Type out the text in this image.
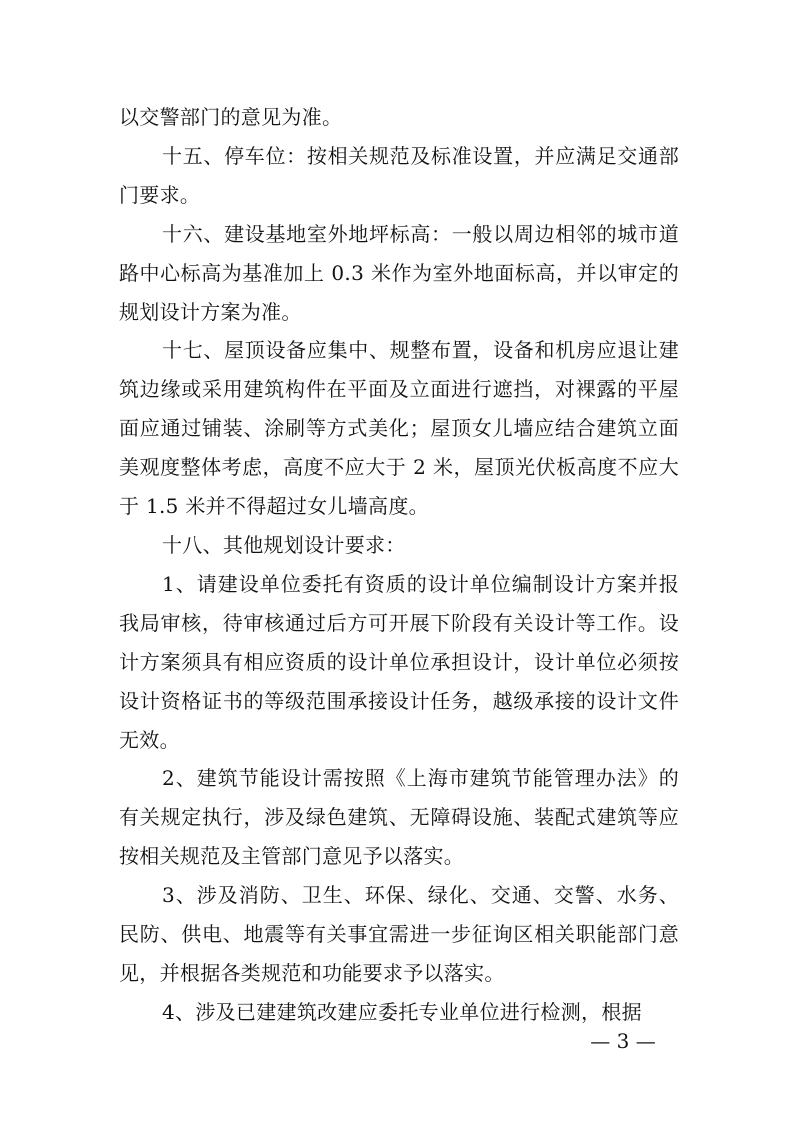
以交警部门的意见为准。

十五、停车位：按相关规范及标准设置，并应满足交通部门要求。

十六、建设基地室外地坪标高：一般以周边相邻的城市道路中心标高为基准加上 0.3 米作为室外地面标高，并以审定的规划设计方案为准。

十七、屋顶设备应集中、规整布置，设备和机房应退让建筑边缘或采用建筑构件在平面及立面进行遮挡，对裸露的平屋面应通过铺装、涂刷等方式美化；屋顶女儿墙应结合建筑立面美观度整体考虑，高度不应大于 2 米，屋顶光伏板高度不应大于 1.5 米并不得超过女儿墙高度。

十八、其他规划设计要求：

1、请建设单位委托有资质的设计单位编制设计方案并报我局审核，待审核通过后方可开展下阶段有关设计等工作。设计方案须具有相应资质的设计单位承担设计，设计单位必须按设计资格证书的等级范围承接设计任务，越级承接的设计文件无效。

2、建筑节能设计需按照《上海市建筑节能管理办法》的有关规定执行，涉及绿色建筑、无障碍设施、装配式建筑等应按相关规范及主管部门意见予以落实。

3、涉及消防、卫生、环保、绿化、交通、交警、水务、民防、供电、地震等有关事宜需进一步征询区相关职能部门意见，并根据各类规范和功能要求予以落实。

4、涉及已建建筑改建应委托专业单位进行检测，根据

— 3 —
